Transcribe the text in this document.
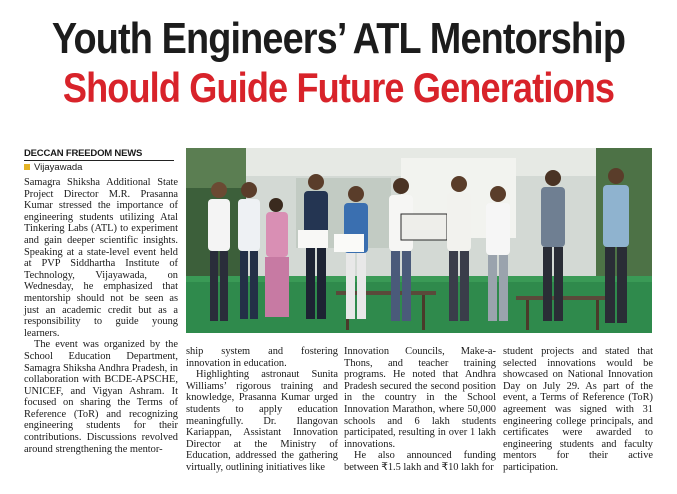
Youth Engineers’ ATL Mentorship
Should Guide Future Generations
DECCAN FREEDOM NEWS
Vijayawada

Samagra Shiksha Additional State Project Director M.R. Prasanna Kumar stressed the importance of engineering students utilizing Atal Tinkering Labs (ATL) to experiment and gain deeper scientific insights. Speaking at a state-level event held at PVP Siddhartha Institute of Technology, Vijayawada, on Wednesday, he emphasized that mentorship should not be seen as just an academic credit but as a responsibility to guide young learners.

The event was organized by the School Education Department, Samagra Shiksha Andhra Pradesh, in collaboration with BCDE-APSCHE, UNICEF, and Vigyan Ashram. It focused on sharing the Terms of Reference (ToR) and recognizing engineering students for their contributions. Discussions revolved around strengthening the mentor-

ship system and fostering innovation in education.

Highlighting astronaut Sunita Williams’ rigorous training and knowledge, Prasanna Kumar urged students to apply education meaningfully. Dr. Ilangovan Kariappan, Assistant Innovation Director at the Ministry of Education, addressed the gathering virtually, outlining initiatives like

Innovation Councils, Make-a-Thons, and teacher training programs. He noted that Andhra Pradesh secured the second position in the country in the School Innovation Marathon, where 50,000 schools and 6 lakh students participated, resulting in over 1 lakh innovations.

He also announced funding between ₹1.5 lakh and ₹10 lakh for

student projects and stated that selected innovations would be showcased on National Innovation Day on July 29. As part of the event, a Terms of Reference (ToR) agreement was signed with 31 engineering college principals, and certificates were awarded to engineering students and faculty mentors for their active participation.
